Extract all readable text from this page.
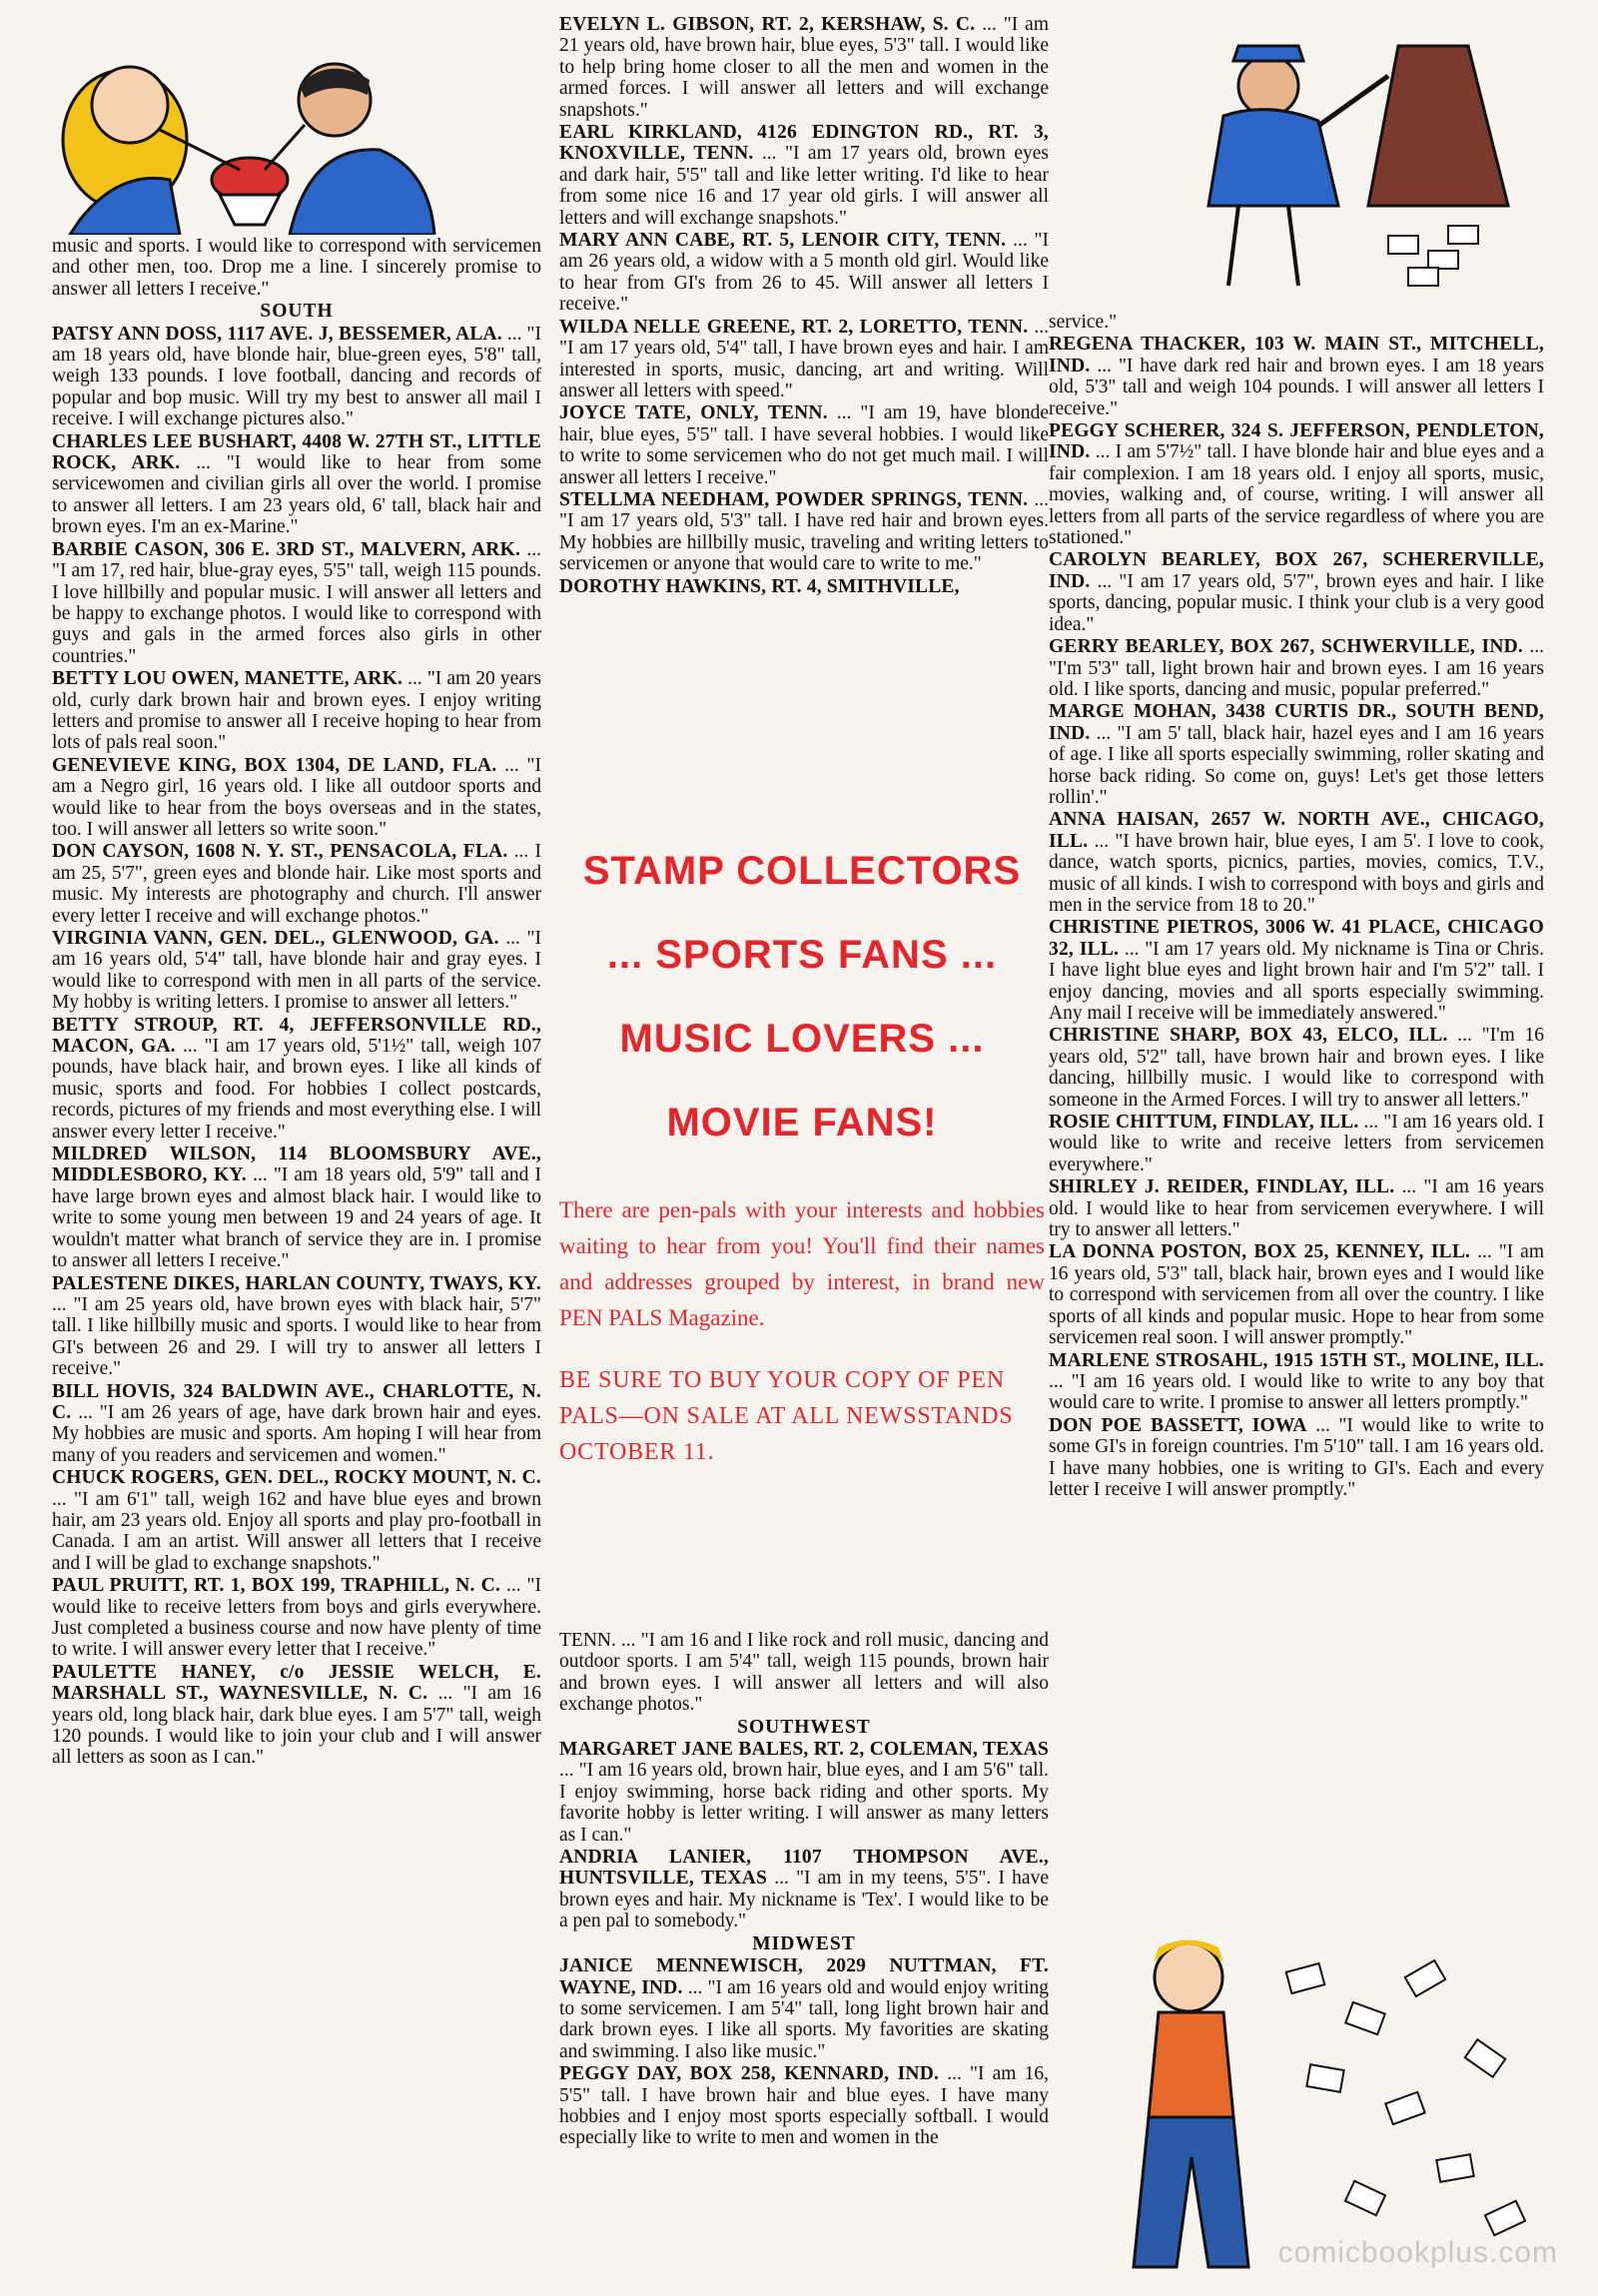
music and sports. I would like to correspond with servicemen and other men, too. Drop me a line. I sincerely promise to answer all letters I receive."

SOUTH

PATSY ANN DOSS, 1117 AVE. J, BESSEMER, ALA. ... "I am 18 years old, have blonde hair, blue-green eyes, 5'8" tall, weigh 133 pounds. I love football, dancing and records of popular and bop music. Will try my best to answer all mail I receive. I will exchange pictures also."

CHARLES LEE BUSHART, 4408 W. 27TH ST., LITTLE ROCK, ARK. ... "I would like to hear from some servicewomen and civilian girls all over the world. I promise to answer all letters. I am 23 years old, 6' tall, black hair and brown eyes. I'm an ex-Marine."

BARBIE CASON, 306 E. 3RD ST., MALVERN, ARK. ... "I am 17, red hair, blue-gray eyes, 5'5" tall, weigh 115 pounds. I love hillbilly and popular music. I will answer all letters and be happy to exchange photos. I would like to correspond with guys and gals in the armed forces also girls in other countries."

BETTY LOU OWEN, MANETTE, ARK. ... "I am 20 years old, curly dark brown hair and brown eyes. I enjoy writing letters and promise to answer all I receive hoping to hear from lots of pals real soon."

GENEVIEVE KING, BOX 1304, DE LAND, FLA. ... "I am a Negro girl, 16 years old. I like all outdoor sports and would like to hear from the boys overseas and in the states, too. I will answer all letters so write soon."

DON CAYSON, 1608 N. Y. ST., PENSACOLA, FLA. ... I am 25, 5'7", green eyes and blonde hair. Like most sports and music. My interests are photography and church. I'll answer every letter I receive and will exchange photos."

VIRGINIA VANN, GEN. DEL., GLENWOOD, GA. ... "I am 16 years old, 5'4" tall, have blonde hair and gray eyes. I would like to correspond with men in all parts of the service. My hobby is writing letters. I promise to answer all letters."

BETTY STROUP, RT. 4, JEFFERSONVILLE RD., MACON, GA. ... "I am 17 years old, 5'1½" tall, weigh 107 pounds, have black hair, and brown eyes. I like all kinds of music, sports and food. For hobbies I collect postcards, records, pictures of my friends and most everything else. I will answer every letter I receive."

MILDRED WILSON, 114 BLOOMSBURY AVE., MIDDLESBORO, KY. ... "I am 18 years old, 5'9" tall and I have large brown eyes and almost black hair. I would like to write to some young men between 19 and 24 years of age. It wouldn't matter what branch of service they are in. I promise to answer all letters I receive."

PALESTENE DIKES, HARLAN COUNTY, TWAYS, KY. ... "I am 25 years old, have brown eyes with black hair, 5'7" tall. I like hillbilly music and sports. I would like to hear from GI's between 26 and 29. I will try to answer all letters I receive."

BILL HOVIS, 324 BALDWIN AVE., CHARLOTTE, N. C. ... "I am 26 years of age, have dark brown hair and eyes. My hobbies are music and sports. Am hoping I will hear from many of you readers and servicemen and women."

CHUCK ROGERS, GEN. DEL., ROCKY MOUNT, N. C. ... "I am 6'1" tall, weigh 162 and have blue eyes and brown hair, am 23 years old. Enjoy all sports and play pro-football in Canada. I am an artist. Will answer all letters that I receive and I will be glad to exchange snapshots."

PAUL PRUITT, RT. 1, BOX 199, TRAPHILL, N. C. ... "I would like to receive letters from boys and girls everywhere. Just completed a business course and now have plenty of time to write. I will answer every letter that I receive."

PAULETTE HANEY, c/o JESSIE WELCH, E. MARSHALL ST., WAYNESVILLE, N. C. ... "I am 16 years old, long black hair, dark blue eyes. I am 5'7" tall, weigh 120 pounds. I would like to join your club and I will answer all letters as soon as I can."

EVELYN L. GIBSON, RT. 2, KERSHAW, S. C. ... "I am 21 years old, have brown hair, blue eyes, 5'3" tall. I would like to help bring home closer to all the men and women in the armed forces. I will answer all letters and will exchange snapshots."

EARL KIRKLAND, 4126 EDINGTON RD., RT. 3, KNOXVILLE, TENN. ... "I am 17 years old, brown eyes and dark hair, 5'5" tall and like letter writing. I'd like to hear from some nice 16 and 17 year old girls. I will answer all letters and will exchange snapshots."

MARY ANN CABE, RT. 5, LENOIR CITY, TENN. ... "I am 26 years old, a widow with a 5 month old girl. Would like to hear from GI's from 26 to 45. Will answer all letters I receive."

WILDA NELLE GREENE, RT. 2, LORETTO, TENN. ... "I am 17 years old, 5'4" tall, I have brown eyes and hair. I am interested in sports, music, dancing, art and writing. Will answer all letters with speed."

JOYCE TATE, ONLY, TENN. ... "I am 19, have blonde hair, blue eyes, 5'5" tall. I have several hobbies. I would like to write to some servicemen who do not get much mail. I will answer all letters I receive."

STELLMA NEEDHAM, POWDER SPRINGS, TENN. ... "I am 17 years old, 5'3" tall. I have red hair and brown eyes. My hobbies are hillbilly music, traveling and writing letters to servicemen or anyone that would care to write to me."

DOROTHY HAWKINS, RT. 4, SMITHVILLE,

STAMP COLLECTORS
... SPORTS FANS ...
MUSIC LOVERS ...
MOVIE FANS!
There are pen-pals with your interests and hobbies waiting to hear from you! You'll find their names and addresses grouped by interest, in brand new PEN PALS Magazine.
BE SURE TO BUY YOUR COPY OF PEN PALS—ON SALE AT ALL NEWSSTANDS OCTOBER 11.

TENN. ... "I am 16 and I like rock and roll music, dancing and outdoor sports. I am 5'4" tall, weigh 115 pounds, brown hair and brown eyes. I will answer all letters and will also exchange photos."

SOUTHWEST

MARGARET JANE BALES, RT. 2, COLEMAN, TEXAS ... "I am 16 years old, brown hair, blue eyes, and I am 5'6" tall. I enjoy swimming, horse back riding and other sports. My favorite hobby is letter writing. I will answer as many letters as I can."

ANDRIA LANIER, 1107 THOMPSON AVE., HUNTSVILLE, TEXAS ... "I am in my teens, 5'5". I have brown eyes and hair. My nickname is 'Tex'. I would like to be a pen pal to somebody."

MIDWEST

JANICE MENNEWISCH, 2029 NUTTMAN, FT. WAYNE, IND. ... "I am 16 years old and would enjoy writing to some servicemen. I am 5'4" tall, long light brown hair and dark brown eyes. I like all sports. My favorities are skating and swimming. I also like music."

PEGGY DAY, BOX 258, KENNARD, IND. ... "I am 16, 5'5" tall. I have brown hair and blue eyes. I have many hobbies and I enjoy most sports especially softball. I would especially like to write to men and women in the

service."

REGENA THACKER, 103 W. MAIN ST., MITCHELL, IND. ... "I have dark red hair and brown eyes. I am 18 years old, 5'3" tall and weigh 104 pounds. I will answer all letters I receive."

PEGGY SCHERER, 324 S. JEFFERSON, PENDLETON, IND. ... I am 5'7½" tall. I have blonde hair and blue eyes and a fair complexion. I am 18 years old. I enjoy all sports, music, movies, walking and, of course, writing. I will answer all letters from all parts of the service regardless of where you are stationed."

CAROLYN BEARLEY, BOX 267, SCHERERVILLE, IND. ... "I am 17 years old, 5'7", brown eyes and hair. I like sports, dancing, popular music. I think your club is a very good idea."

GERRY BEARLEY, BOX 267, SCHWERVILLE, IND. ... "I'm 5'3" tall, light brown hair and brown eyes. I am 16 years old. I like sports, dancing and music, popular preferred."

MARGE MOHAN, 3438 CURTIS DR., SOUTH BEND, IND. ... "I am 5' tall, black hair, hazel eyes and I am 16 years of age. I like all sports especially swimming, roller skating and horse back riding. So come on, guys! Let's get those letters rollin'."

ANNA HAISAN, 2657 W. NORTH AVE., CHICAGO, ILL. ... "I have brown hair, blue eyes, I am 5'. I love to cook, dance, watch sports, picnics, parties, movies, comics, T.V., music of all kinds. I wish to correspond with boys and girls and men in the service from 18 to 20."

CHRISTINE PIETROS, 3006 W. 41 PLACE, CHICAGO 32, ILL. ... "I am 17 years old. My nickname is Tina or Chris. I have light blue eyes and light brown hair and I'm 5'2" tall. I enjoy dancing, movies and all sports especially swimming. Any mail I receive will be immediately answered."

CHRISTINE SHARP, BOX 43, ELCO, ILL. ... "I'm 16 years old, 5'2" tall, have brown hair and brown eyes. I like dancing, hillbilly music. I would like to correspond with someone in the Armed Forces. I will try to answer all letters."

ROSIE CHITTUM, FINDLAY, ILL. ... "I am 16 years old. I would like to write and receive letters from servicemen everywhere."

SHIRLEY J. REIDER, FINDLAY, ILL. ... "I am 16 years old. I would like to hear from servicemen everywhere. I will try to answer all letters."

LA DONNA POSTON, BOX 25, KENNEY, ILL. ... "I am 16 years old, 5'3" tall, black hair, brown eyes and I would like to correspond with servicemen from all over the country. I like sports of all kinds and popular music. Hope to hear from some servicemen real soon. I will answer promptly."

MARLENE STROSAHL, 1915 15TH ST., MOLINE, ILL. ... "I am 16 years old. I would like to write to any boy that would care to write. I promise to answer all letters promptly."

DON POE BASSETT, IOWA ... "I would like to write to some GI's in foreign countries. I'm 5'10" tall. I am 16 years old. I have many hobbies, one is writing to GI's. Each and every letter I receive I will answer promptly."

comicbookplus.com
